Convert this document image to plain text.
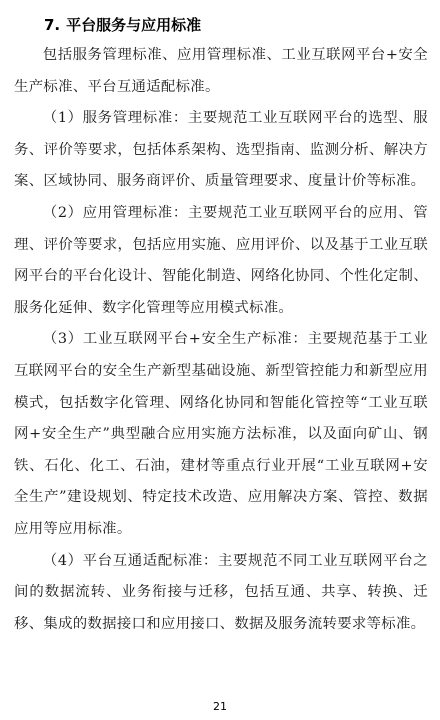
7. 平台服务与应用标准

包括服务管理标准、应用管理标准、工业互联网平台+安全生产标准、平台互通适配标准。

（1）服务管理标准：主要规范工业互联网平台的选型、服务、评价等要求，包括体系架构、选型指南、监测分析、解决方案、区域协同、服务商评价、质量管理要求、度量计价等标准。

（2）应用管理标准：主要规范工业互联网平台的应用、管理、评价等要求，包括应用实施、应用评价、以及基于工业互联网平台的平台化设计、智能化制造、网络化协同、个性化定制、服务化延伸、数字化管理等应用模式标准。

（3）工业互联网平台+安全生产标准：主要规范基于工业互联网平台的安全生产新型基础设施、新型管控能力和新型应用模式，包括数字化管理、网络化协同和智能化管控等“工业互联网+安全生产”典型融合应用实施方法标准，以及面向矿山、钢铁、石化、化工、石油，建材等重点行业开展“工业互联网+安全生产”建设规划、特定技术改造、应用解决方案、管控、数据应用等应用标准。

（4）平台互通适配标准：主要规范不同工业互联网平台之间的数据流转、业务衔接与迁移，包括互通、共享、转换、迁移、集成的数据接口和应用接口、数据及服务流转要求等标准。

21
